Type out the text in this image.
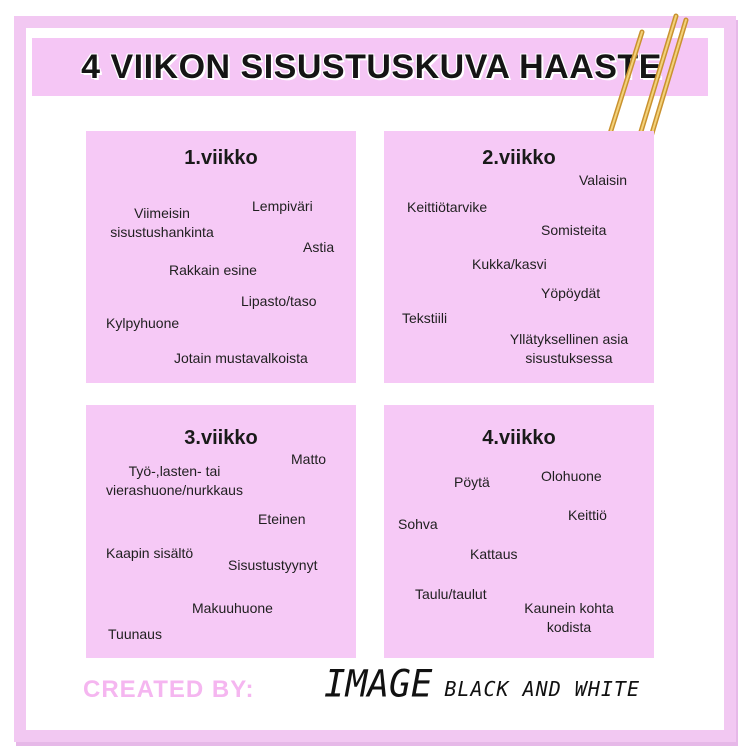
4 VIIKON SISUSTUSKUVA HAASTE
1.viikko
Viimeisin
sisustushankinta
Lempiväri
Astia
Rakkain esine
Lipasto/taso
Kylpyhuone
Jotain mustavalkoista
2.viikko
Valaisin
Keittiötarvike
Somisteita
Kukka/kasvi
Yöpöydät
Tekstiili
Yllätyksellinen asia
sisustuksessa
3.viikko
Matto
Työ-,lasten- tai
vierashuone/nurkkaus
Eteinen
Kaapin sisältö
Sisustustyynyt
Makuuhuone
Tuunaus
4.viikko
Pöytä	Olohuone
Sohva
Keittiö
Kattaus
Taulu/taulut
Kaunein kohta
kodista
CREATED BY: IMAGE BLACK AND WHITE
